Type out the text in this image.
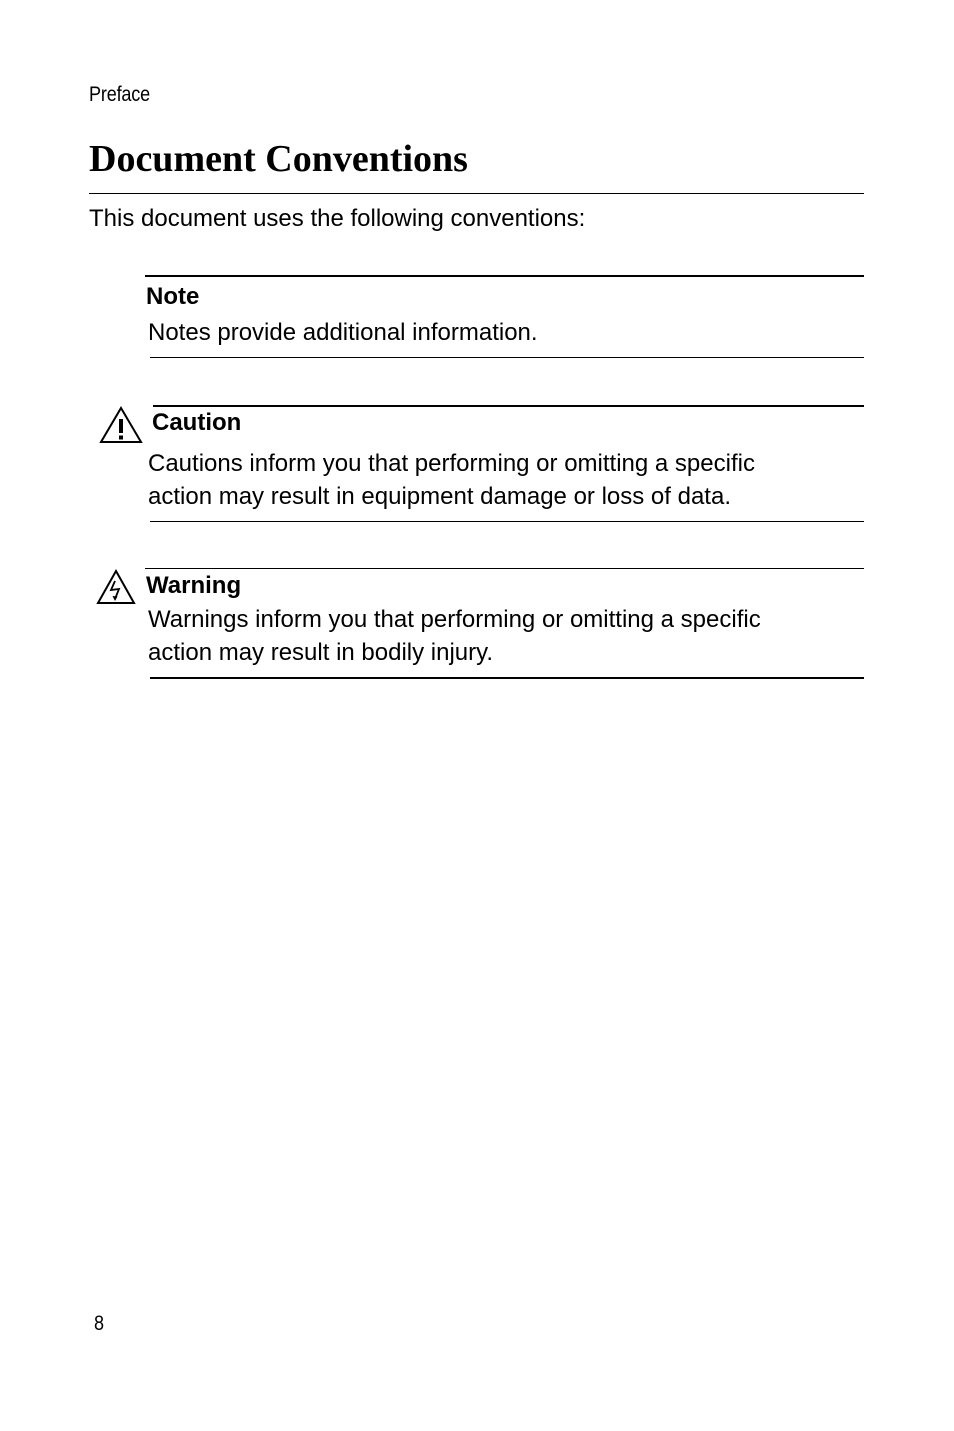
Preface
Document Conventions

This document uses the following conventions:

Note

Notes provide additional information.

Caution
Cautions inform you that performing or omitting a specific
action may result in equipment damage or loss of data.
Warning
Warnings inform you that performing or omitting a specific
action may result in bodily injury.
8
